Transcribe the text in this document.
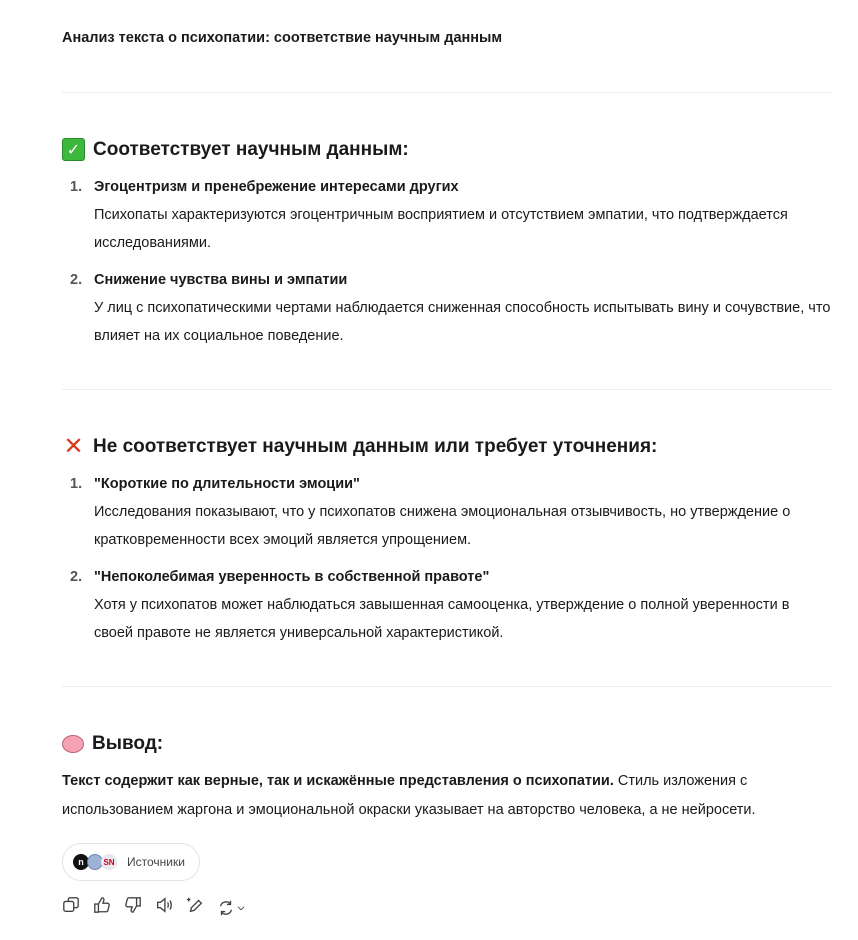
Анализ текста о психопатии: соответствие научным данным
✓ Соответствует научным данным:
1. Эгоцентризм и пренебрежение интересами других
Психопаты характеризуются эгоцентричным восприятием и отсутствием эмпатии, что подтверждается исследованиями.
2. Снижение чувства вины и эмпатии
У лиц с психопатическими чертами наблюдается сниженная способность испытывать вину и сочувствие, что влияет на их социальное поведение.
✕ Не соответствует научным данным или требует уточнения:
1. "Короткие по длительности эмоции"
Исследования показывают, что у психопатов снижена эмоциональная отзывчивость, но утверждение о кратковременности всех эмоций является упрощением.
2. "Непоколебимая уверенность в собственной правоте"
Хотя у психопатов может наблюдаться завышенная самооценка, утверждение о полной уверенности в своей правоте не является универсальной характеристикой.
Вывод:
Текст содержит как верные, так и искажённые представления о психопатии. Стиль изложения с использованием жаргона и эмоциональной окраски указывает на авторство человека, а не нейросети.
n	SN Источники
